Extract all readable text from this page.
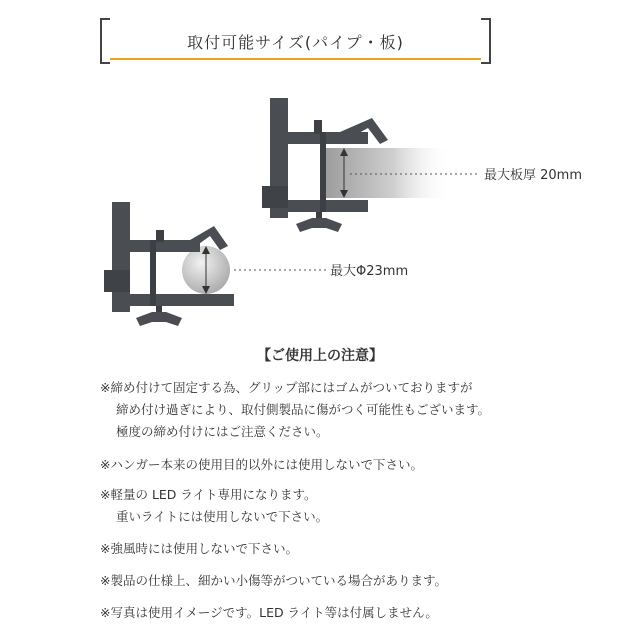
取付可能サイズ(パイプ・板)
最大板厚 20mm
最大Φ23mm
【ご使用上の注意】
※締め付けて固定する為、グリップ部にはゴムがついておりますが
締め付け過ぎにより、取付側製品に傷がつく可能性もございます。
極度の締め付けにはご注意ください。
※ハンガー本来の使用目的以外には使用しないで下さい。
※軽量の LED ライト専用になります。
重いライトには使用しないで下さい。
※強風時には使用しないで下さい。
※製品の仕様上、細かい小傷等がついている場合があります。
※写真は使用イメージです。LED ライト等は付属しません。
